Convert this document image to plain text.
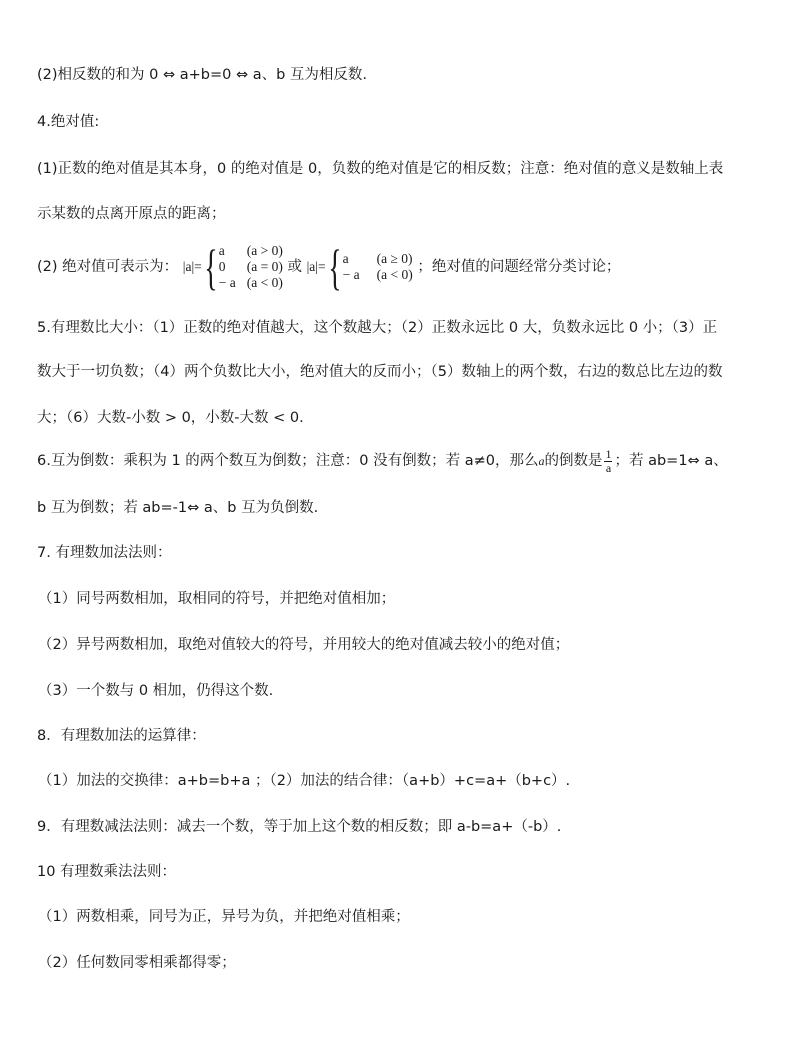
(2)相反数的和为 0 ⇔ a+b=0 ⇔ a、b 互为相反数.
4.绝对值:
(1)正数的绝对值是其本身，0 的绝对值是 0，负数的绝对值是它的相反数；注意：绝对值的意义是数轴上表
示某数的点离开原点的距离；
(2) 绝对值可表示为： |a|={ a (a > 0)
0 (a = 0)
− a (a < 0)
或 |a|={ a (a ≥ 0)
− a (a < 0) ；绝对值的问题经常分类讨论；
5.有理数比大小：（1）正数的绝对值越大，这个数越大；（2）正数永远比 0 大，负数永远比 0 小；（3）正
数大于一切负数；（4）两个负数比大小，绝对值大的反而小；（5）数轴上的两个数，右边的数总比左边的数
大；（6）大数-小数 > 0，小数-大数 < 0.
6.互为倒数：乘积为 1 的两个数互为倒数；注意：0 没有倒数；若 a≠0，那么a的倒数是 $\frac{1}{a}$ ；若 ab=1⇔ a、
b 互为倒数；若 ab=-1⇔ a、b 互为负倒数.
7. 有理数加法法则：
（1）同号两数相加，取相同的符号，并把绝对值相加；
（2）异号两数相加，取绝对值较大的符号，并用较大的绝对值减去较小的绝对值；
（3）一个数与 0 相加，仍得这个数.
8．有理数加法的运算律：
（1）加法的交换律：a+b=b+a ；（2）加法的结合律：（a+b）+c=a+（b+c）.
9．有理数减法法则：减去一个数，等于加上这个数的相反数；即 a-b=a+（-b）.
10 有理数乘法法则：
（1）两数相乘，同号为正，异号为负，并把绝对值相乘；
（2）任何数同零相乘都得零；
